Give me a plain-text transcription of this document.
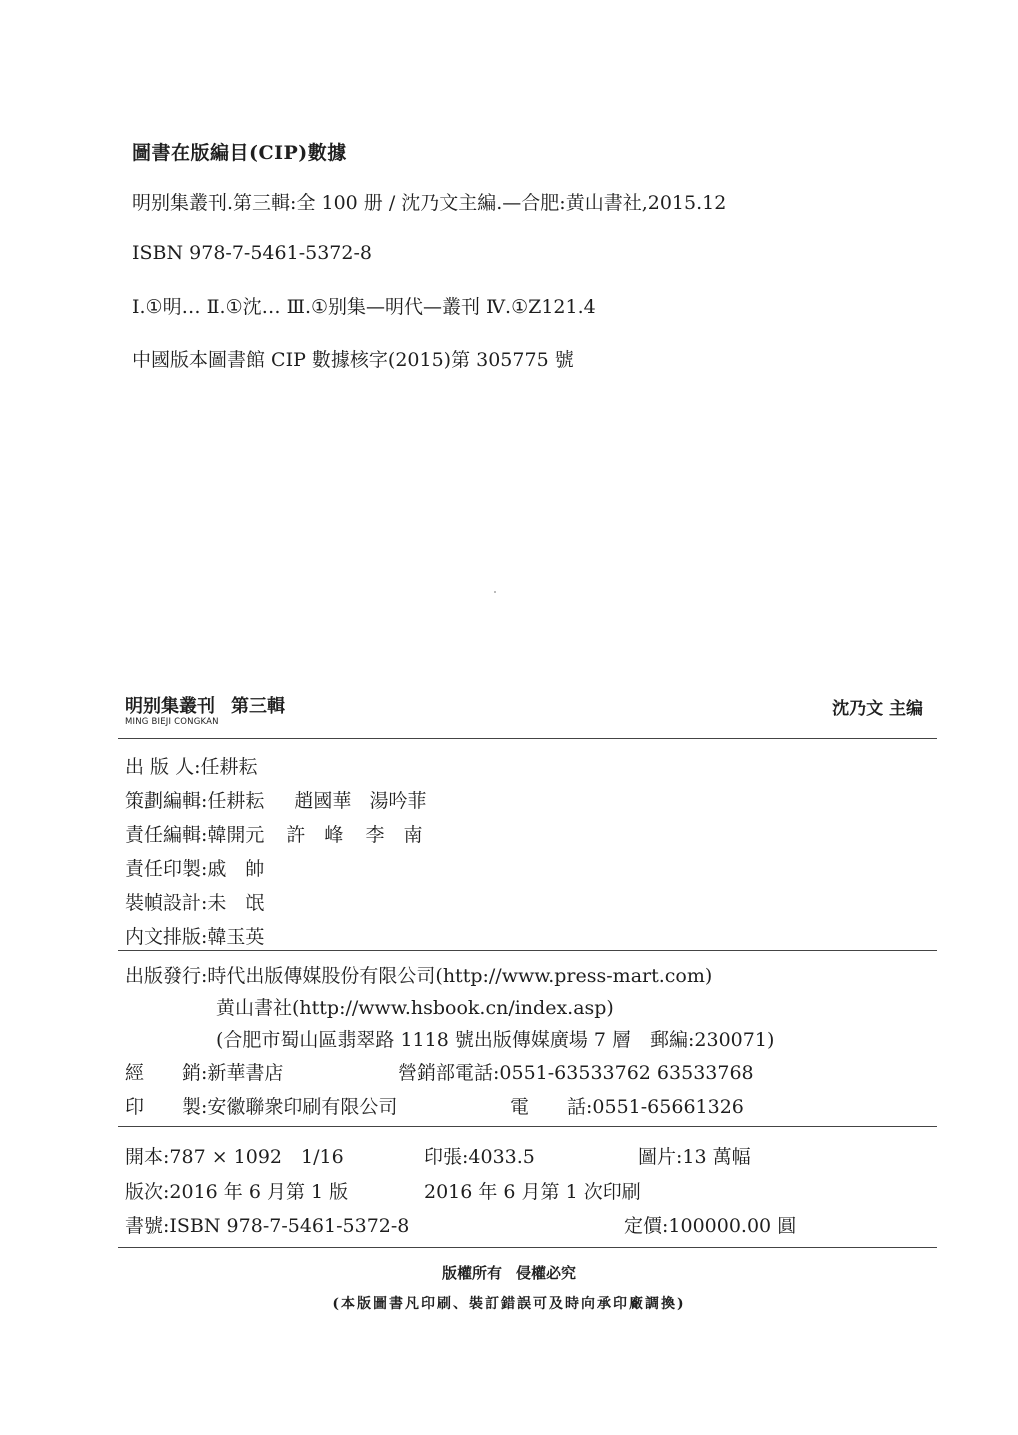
圖書在版編目(CIP)數據
明别集叢刊.第三輯:全 100 册 / 沈乃文主編.—合肥:黄山書社,2015.12
ISBN 978-7-5461-5372-8
Ⅰ.①明… Ⅱ.①沈… Ⅲ.①别集—明代—叢刊 Ⅳ.①Z121.4
中國版本圖書館 CIP 數據核字(2015)第 305775 號
明别集叢刊 第三輯
MING BIEJI CONGKAN
沈乃文 主编
出 版 人:任耕耘
策劃編輯:任耕耘 趙國華 湯吟菲
責任編輯:韓開元 許　峰 李　南
責任印製:戚　帥
裝幀設計:未　氓
内文排版:韓玉英
出版發行:時代出版傳媒股份有限公司(http://www.press-mart.com)
黄山書社(http://www.hsbook.cn/index.asp)
(合肥市蜀山區翡翠路 1118 號出版傳媒廣場 7 層　郵編:230071)
經　　銷:新華書店	營銷部電話:0551-63533762 63533768
印　　製:安徽聯衆印刷有限公司	電　　話:0551-65661326
開本:787 × 1092　1/16	印張:4033.5	圖片:13 萬幅
版次:2016 年 6 月第 1 版	2016 年 6 月第 1 次印刷
書號:ISBN 978-7-5461-5372-8	定價:100000.00 圓
版權所有 侵權必究
(本版圖書凡印刷、裝訂錯誤可及時向承印廠調換)
